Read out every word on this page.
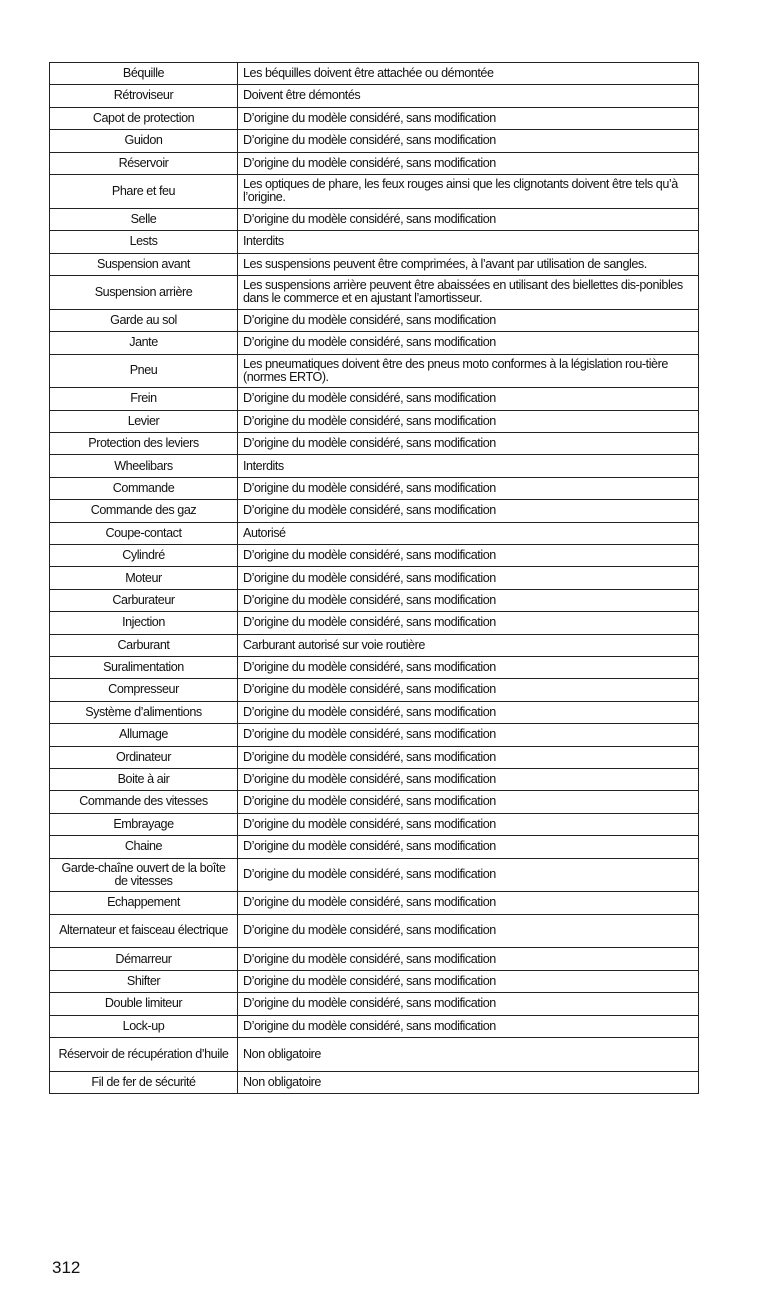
Béquille	Les béquilles doivent être attachée ou démontée
Rétroviseur	Doivent être démontés
Capot de protection	D’origine du modèle considéré, sans modification
Guidon	D’origine du modèle considéré, sans modification
Réservoir	D’origine du modèle considéré, sans modification
Phare et feu	Les optiques de phare, les feux rouges ainsi que les clignotants doivent être tels qu’à l’origine.
Selle	D’origine du modèle considéré, sans modification
Lests	Interdits
Suspension avant	Les suspensions peuvent être comprimées, à l’avant par utilisation de sangles.
Suspension arrière	Les suspensions arrière peuvent être abaissées en utilisant des biellettes dis-ponibles dans le commerce et en ajustant l’amortisseur.
Garde au sol	D’origine du modèle considéré, sans modification
Jante	D’origine du modèle considéré, sans modification
Pneu	Les pneumatiques doivent être des pneus moto conformes à la législation rou-tière (normes ERTO).
Frein	D’origine du modèle considéré, sans modification
Levier	D’origine du modèle considéré, sans modification
Protection des leviers	D’origine du modèle considéré, sans modification
Wheelibars	Interdits
Commande	D’origine du modèle considéré, sans modification
Commande des gaz	D’origine du modèle considéré, sans modification
Coupe-contact	Autorisé
Cylindré	D’origine du modèle considéré, sans modification
Moteur	D’origine du modèle considéré, sans modification
Carburateur	D’origine du modèle considéré, sans modification
Injection	D’origine du modèle considéré, sans modification
Carburant	Carburant autorisé sur voie routière
Suralimentation	D’origine du modèle considéré, sans modification
Compresseur	D’origine du modèle considéré, sans modification
Système d’alimentions	D’origine du modèle considéré, sans modification
Allumage	D’origine du modèle considéré, sans modification
Ordinateur	D’origine du modèle considéré, sans modification
Boite à air	D’origine du modèle considéré, sans modification
Commande des vitesses	D’origine du modèle considéré, sans modification
Embrayage	D’origine du modèle considéré, sans modification
Chaine	D’origine du modèle considéré, sans modification
Garde-chaîne ouvert de la boîte de vitesses	D’origine du modèle considéré, sans modification
Echappement	D’origine du modèle considéré, sans modification
Alternateur et faisceau électrique	D’origine du modèle considéré, sans modification
Démarreur	D’origine du modèle considéré, sans modification
Shifter	D’origine du modèle considéré, sans modification
Double limiteur	D’origine du modèle considéré, sans modification
Lock-up	D’origine du modèle considéré, sans modification
Réservoir de récupération d’huile	Non obligatoire
Fil de fer de sécurité	Non obligatoire
312
